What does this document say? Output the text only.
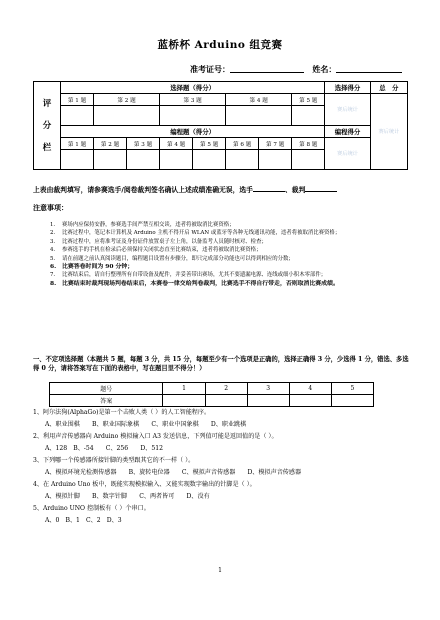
蓝桥杯 Arduino 组竞赛
准考证号：	姓名：
评
分
栏	选择题（得分）								选择得分	总　分
	第 1 题	第 2 题		第 3 题		第 4 题		第 5 题	赛后统计	赛后统计

	编程题（得分）								编程得分	
	第 1 题	第 2 题	第 3 题	第 4 题	第 5 题	第 6 题	第 7 题	第 8 题	赛后统计	

上表由裁判填写，请参赛选手/阅卷裁判签名确认上述成绩准确无误，选手	、裁判
注意事项：
1.	赛场内应保持安静，参赛选手间严禁互相交谈，违者将被取消比赛资格；
2.	比赛过程中，笔记本计算机及 Arduino 主机不得开启 WLAN 或蓝牙等各种无线通讯功能，违者将被取消比赛资格；
3.	比赛过程中，应将准考证及身份证件放置桌子左上角，以备监考人员随时核对、检查；
4.	参赛选手的手机在检录后必须保持关闭状态直至比赛结束，违者将被取消比赛资格；
5.	请在前题之前认真阅读题目，编程题目设置有步骤分，即只完成部分功能也可以得到相应的分数；
6. 比赛答卷时间为 90 分钟；
7.	比赛结束后，请自行整理所有自带设备及配件，并妥善带出赛场，尤其不要遗漏电源、连线或细小积木零部件；
8. 比赛结束时裁判现场判卷结束后，本赛卷一律交给判卷裁判，比赛选手不得自行带走，否则取消比赛成绩。
一、不定项选择题（本题共 5 题，每题 3 分，共 15 分，每题至少有一个选项是正确的，选择正确得 3 分，少选得 1 分，错选、多选得 0 分，请将答案写在下面的表格中，写在题目里不得分！）
题号	1	2	3	4	5
答案					
1、阿尔法狗(AlphaGo)是第一个击败人类（ ）的人工智能程序。
A、职业围棋　　B、职业国际象棋　　C、职业中国象棋　　D、职业跳棋
2、利用声音传感器向 Arduino 模拟输入口 A3 发送信息，下列值可能是返回值的是（ ）。
A、128　B、-54　　C、256　　D、512
3、下列哪一个传感器所接针脚的类型跟其它的不一样（ ）。
A、模拟环境光检测传感器　　B、旋转电位器　　C、模拟声音传感器　　D、模拟声音传感器
4、在 Arduino Uno 板中，既能实现模拟输入、又能实现数字输出的针脚是（ ）。
A、模拟针脚　　B、数字针脚　　C、两者皆可　　D、没有
5、Arduino UNO 控制板有（ ）个串口。
A、0　B、1　C、2　D、3
1
